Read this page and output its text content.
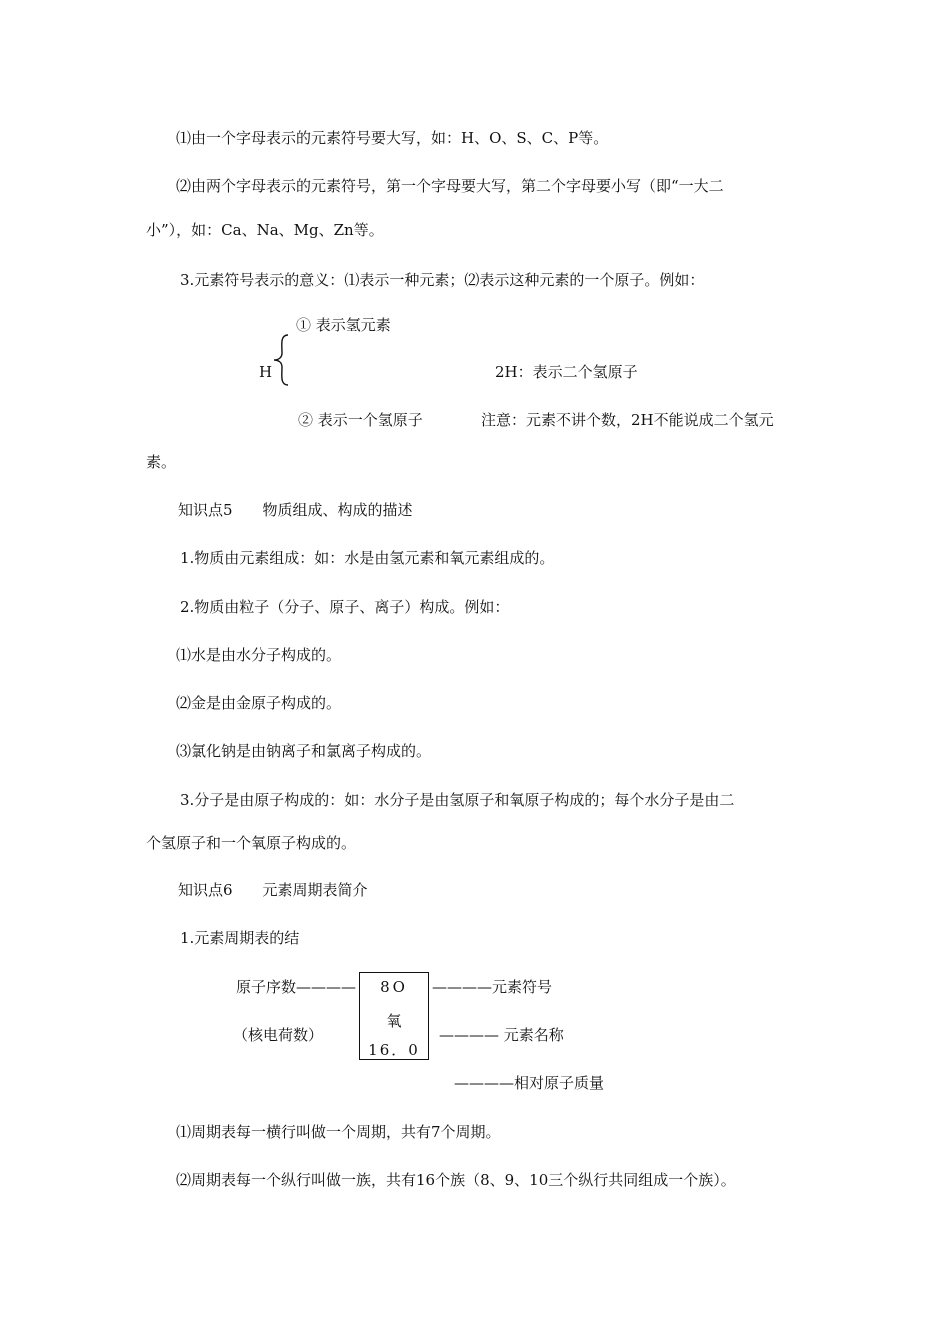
⑴由一个字母表示的元素符号要大写，如：H、O、S、C、P等。
⑵由两个字母表示的元素符号，第一个字母要大写，第二个字母要小写（即“一大二
小”），如：Ca、Na、Mg、Zn等。
3.元素符号表示的意义：⑴表示一种元素；⑵表示这种元素的一个原子。例如：
① 表示氢元素
H	2H：表示二个氢原子
② 表示一个氢原子	注意：元素不讲个数，2H不能说成二个氢元
素。
知识点5　　物质组成、构成的描述
1.物质由元素组成：如：水是由氢元素和氧元素组成的。
2.物质由粒子（分子、原子、离子）构成。例如：
⑴水是由水分子构成的。
⑵金是由金原子构成的。
⑶氯化钠是由钠离子和氯离子构成的。
3.分子是由原子构成的：如：水分子是由氢原子和氧原子构成的；每个水分子是由二
个氢原子和一个氧原子构成的。
知识点6　　元素周期表简介
1.元素周期表的结
原子序数————
（核电荷数）
8O
氧
16．0
————元素符号
———— 元素名称
————相对原子质量
⑴周期表每一横行叫做一个周期，共有7个周期。
⑵周期表每一个纵行叫做一族，共有16个族（8、9、10三个纵行共同组成一个族）。
